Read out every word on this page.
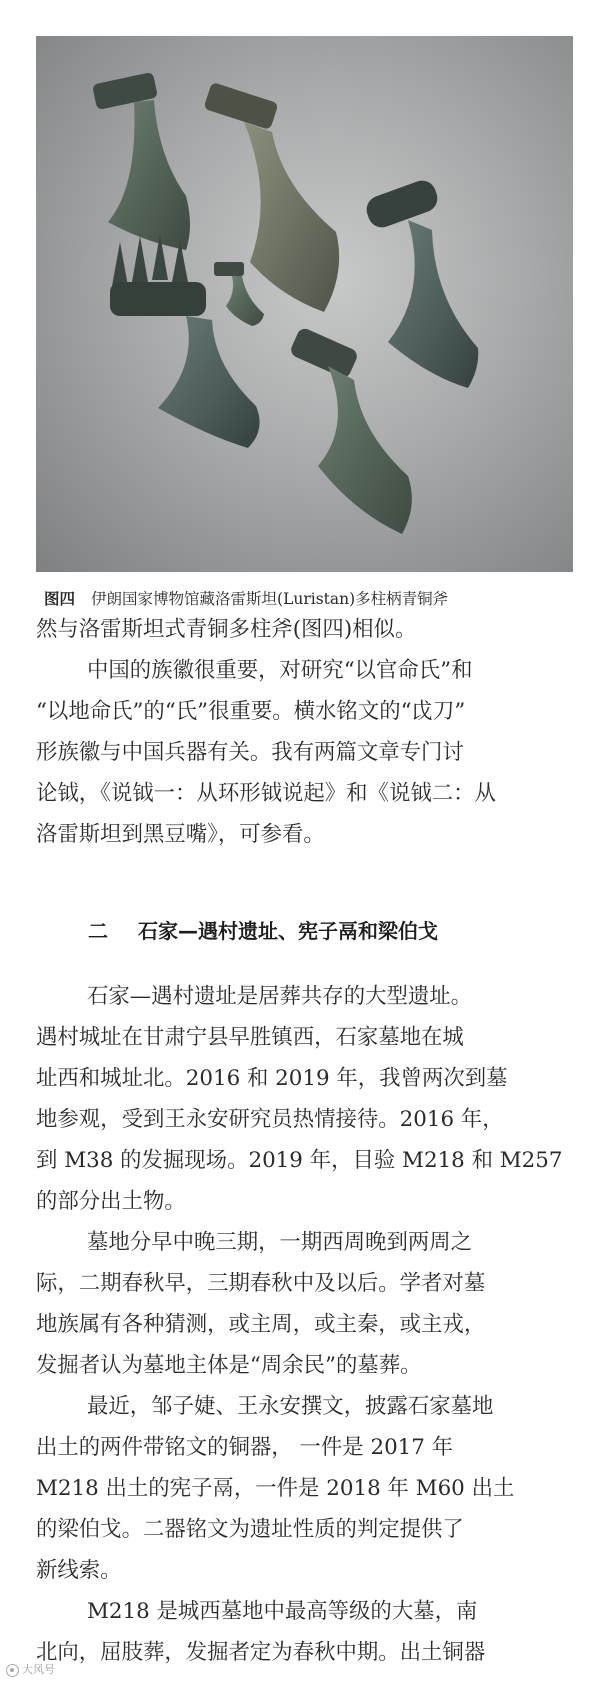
图四 伊朗国家博物馆藏洛雷斯坦(Luristan)多柱柄青铜斧
然与洛雷斯坦式青铜多柱斧(图四)相似。
中国的族徽很重要，对研究“以官命氏”和
“以地命氏”的“氏”很重要。横水铭文的“戉刀”
形族徽与中国兵器有关。我有两篇文章专门讨
论钺，《说钺一：从环形钺说起》和《说钺二：从
洛雷斯坦到黑豆嘴》，可参看。
二 石家—遇村遗址、宪子鬲和梁伯戈
石家—遇村遗址是居葬共存的大型遗址。
遇村城址在甘肃宁县早胜镇西，石家墓地在城
址西和城址北。2016 和 2019 年，我曾两次到墓
地参观，受到王永安研究员热情接待。2016 年，
到 M38 的发掘现场。2019 年，目验 M218 和 M257
的部分出土物。
墓地分早中晚三期，一期西周晚到两周之
际，二期春秋早，三期春秋中及以后。学者对墓
地族属有各种猜测，或主周，或主秦，或主戎，
发掘者认为墓地主体是“周余民”的墓葬。
最近，邹子婕、王永安撰文，披露石家墓地
出土的两件带铭文的铜器， 一件是 2017 年
M218 出土的宪子鬲，一件是 2018 年 M60 出土
的梁伯戈。二器铭文为遗址性质的判定提供了
新线索。
M218 是城西墓地中最高等级的大墓，南
北向，屈肢葬，发掘者定为春秋中期。出土铜器
大风号
